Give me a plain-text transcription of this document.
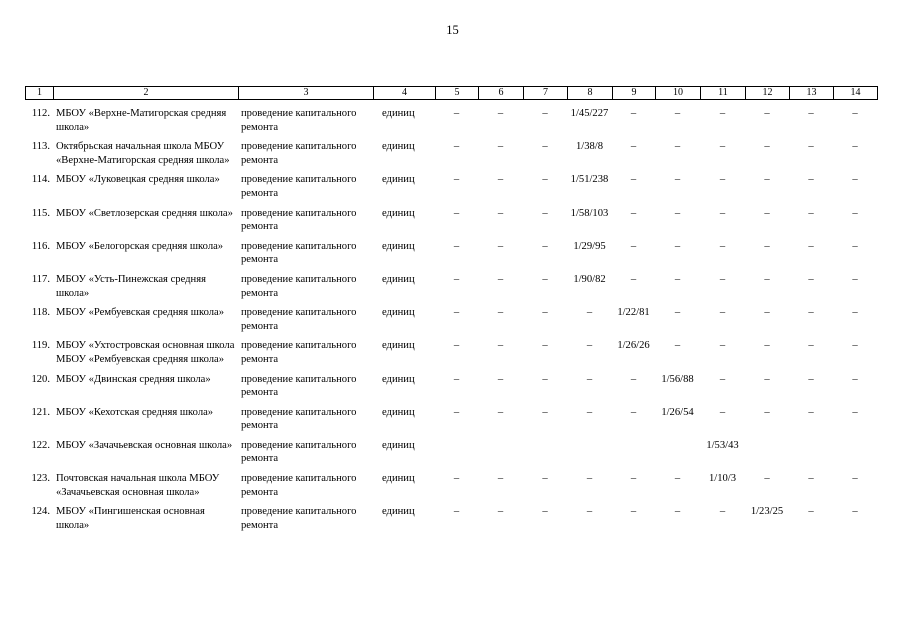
15
1	2	3	4	5	6	7	8	9	10	11	12	13	14
112.	МБОУ «Верхне-Матигорская средняя школа»	проведение капитального ремонта	единиц	–	–	–	1/45/227	–	–	–	–	–	–
113.	Октябрьская начальная школа МБОУ «Верхне-Матигорская средняя школа»	проведение капитального ремонта	единиц	–	–	–	1/38/8	–	–	–	–	–	–
114.	МБОУ «Луковецкая средняя школа»	проведение капитального ремонта	единиц	–	–	–	1/51/238	–	–	–	–	–	–
115.	МБОУ «Светлозерская средняя школа»	проведение капитального ремонта	единиц	–	–	–	1/58/103	–	–	–	–	–	–
116.	МБОУ «Белогорская средняя школа»	проведение капитального ремонта	единиц	–	–	–	1/29/95	–	–	–	–	–	–
117.	МБОУ «Усть-Пинежская средняя школа»	проведение капитального ремонта	единиц	–	–	–	1/90/82	–	–	–	–	–	–
118.	МБОУ «Рембуевская средняя школа»	проведение капитального ремонта	единиц	–	–	–	–	1/22/81	–	–	–	–	–
119.	МБОУ «Ухтостровская основная школа МБОУ «Рембуевская средняя школа»	проведение капитального ремонта	единиц	–	–	–	–	1/26/26	–	–	–	–	–
120.	МБОУ «Двинская средняя школа»	проведение капитального ремонта	единиц	–	–	–	–	–	1/56/88	–	–	–	–
121.	МБОУ «Кехотская средняя школа»	проведение капитального ремонта	единиц	–	–	–	–	–	1/26/54	–	–	–	–
122.	МБОУ «Зачачьевская основная школа»	проведение капитального ремонта	единиц							1/53/43			
123.	Почтовская начальная школа МБОУ «Зачачьевская основная школа»	проведение капитального ремонта	единиц	–	–	–	–	–	–	1/10/3	–	–	–
124.	МБОУ «Пингишенская основная школа»	проведение капитального ремонта	единиц	–	–	–	–	–	–	–	1/23/25	–	–
